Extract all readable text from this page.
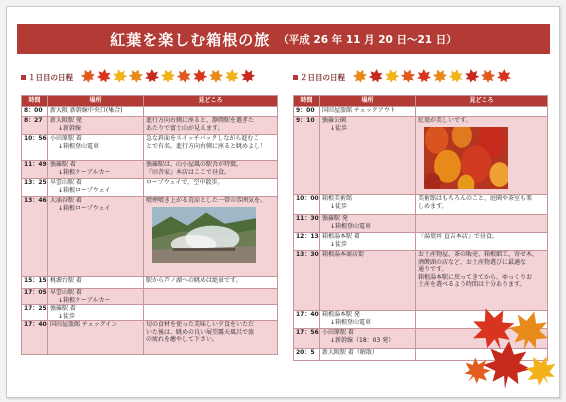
紅葉を楽しむ箱根の旅 （平成 26 年 11 月 20 日～21 日）
１日目の日程	２日目の日程
時間	場所	見どころ
8：00	新大阪 新幹線中央口(集合)	

8：27	新大阪駅 発
↓新幹線	進行方向右側に座ると、静岡駅を過ぎた
あたりで富士山が見えます。

10：56	小田原駅 着
↓箱根登山電車	急な斜面をスイッチバックしながら進むこ
とで有名。進行方向右側に座ると眺めよし！

11：49	強羅駅 着
↓箱根ケーブルカー	強羅駅は、山小屋風の駅舎が特徴。
『田舎家』本店はここで昼食。

13：25	早雲山駅 着
↓箱根ロープウェイ	ロープウェイで、空中散歩。

13：46	大涌谷駅 着
↓箱根ロープウェイ	噴煙噴き上がる荒涼とした一帯の雰囲気を。

15：15	桃源台駅 着	駅から芦ノ湖への眺めは絶景です。

17：05	早雲山駅 着
↓箱根ケーブルカー	

17：25	強羅駅 着
↓徒歩	

17：40	国田屋旅館 チェックイン	旬の食材を使った美味しい夕食をいただ
いた後は、眺めの良い展望露天風呂で旅
の疲れを癒やして下さい。
時間	場所	見どころ
9：00	国田屋旅館 チェックアウト	

9：10	強羅公園
↓徒歩	紅葉が美しいです。

10：00	箱根美術館
↓徒歩	美術館はもちろんのこと、庭園や茶室も楽
しめます。

11：30	強羅駅 発
↓箱根登山電車	

12：13	箱根湯本駅 着
↓徒歩	『湯葉丼 直吉本店』で昼食。

13：30	箱根湯本商店街	お土産物屋、茶の販売、箱根細工、寄せ木、
酒饅頭の店など、お土産物選びに最適な
通りです。
箱根湯本駅に戻ってきてから、ゆっくりお
土産を選べるよう時間は十分あります。

17：40	箱根湯本駅 発
↓箱根登山電車	

17：56	小田原駅 着
↓新幹線（18：03 発）	

20：5	新大阪駅 着（解散）	
